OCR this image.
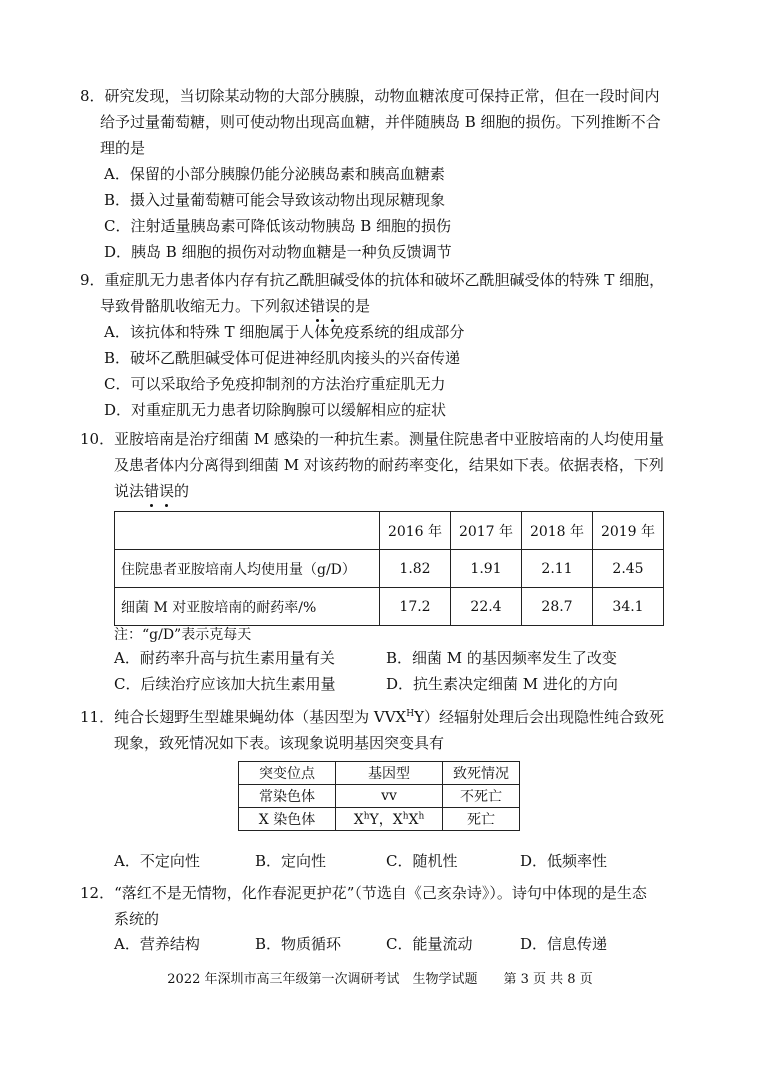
8．研究发现，当切除某动物的大部分胰腺，动物血糖浓度可保持正常，但在一段时间内
给予过量葡萄糖，则可使动物出现高血糖，并伴随胰岛 B 细胞的损伤。下列推断不合
理的是
A．保留的小部分胰腺仍能分泌胰岛素和胰高血糖素
B．摄入过量葡萄糖可能会导致该动物出现尿糖现象
C．注射适量胰岛素可降低该动物胰岛 B 细胞的损伤
D．胰岛 B 细胞的损伤对动物血糖是一种负反馈调节
9．重症肌无力患者体内存有抗乙酰胆碱受体的抗体和破坏乙酰胆碱受体的特殊 T 细胞，
导致骨骼肌收缩无力。下列叙述错误的是
A．该抗体和特殊 T 细胞属于人体免疫系统的组成部分
B．破坏乙酰胆碱受体可促进神经肌肉接头的兴奋传递
C．可以采取给予免疫抑制剂的方法治疗重症肌无力
D．对重症肌无力患者切除胸腺可以缓解相应的症状
10．亚胺培南是治疗细菌 M 感染的一种抗生素。测量住院患者中亚胺培南的人均使用量
及患者体内分离得到细菌 M 对该药物的耐药率变化，结果如下表。依据表格，下列
说法错误的
	2016 年	2017 年	2018 年	2019 年
住院患者亚胺培南人均使用量（g/D）	1.82	1.91	2.11	2.45
细菌 M 对亚胺培南的耐药率/%	17.2	22.4	28.7	34.1
注：“g/D”表示克每天
A．耐药率升高与抗生素用量有关	B．细菌 M 的基因频率发生了改变
C．后续治疗应该加大抗生素用量	D．抗生素决定细菌 M 进化的方向
11．纯合长翅野生型雄果蝇幼体（基因型为 $VVX^HY$）经辐射处理后会出现隐性纯合致死
现象，致死情况如下表。该现象说明基因突变具有
突变位点	基因型	致死情况
常染色体	vv	不死亡
X 染色体	$X^hY$，$X^hX^h$	死亡
A．不定向性	B．定向性	C．随机性	D．低频率性
12．“落红不是无情物，化作春泥更护花”（节选自《己亥杂诗》）。诗句中体现的是生态
系统的
A．营养结构	B．物质循环	C．能量流动	D．信息传递
2022 年深圳市高三年级第一次调研考试　生物学试题　　第 3 页 共 8 页
